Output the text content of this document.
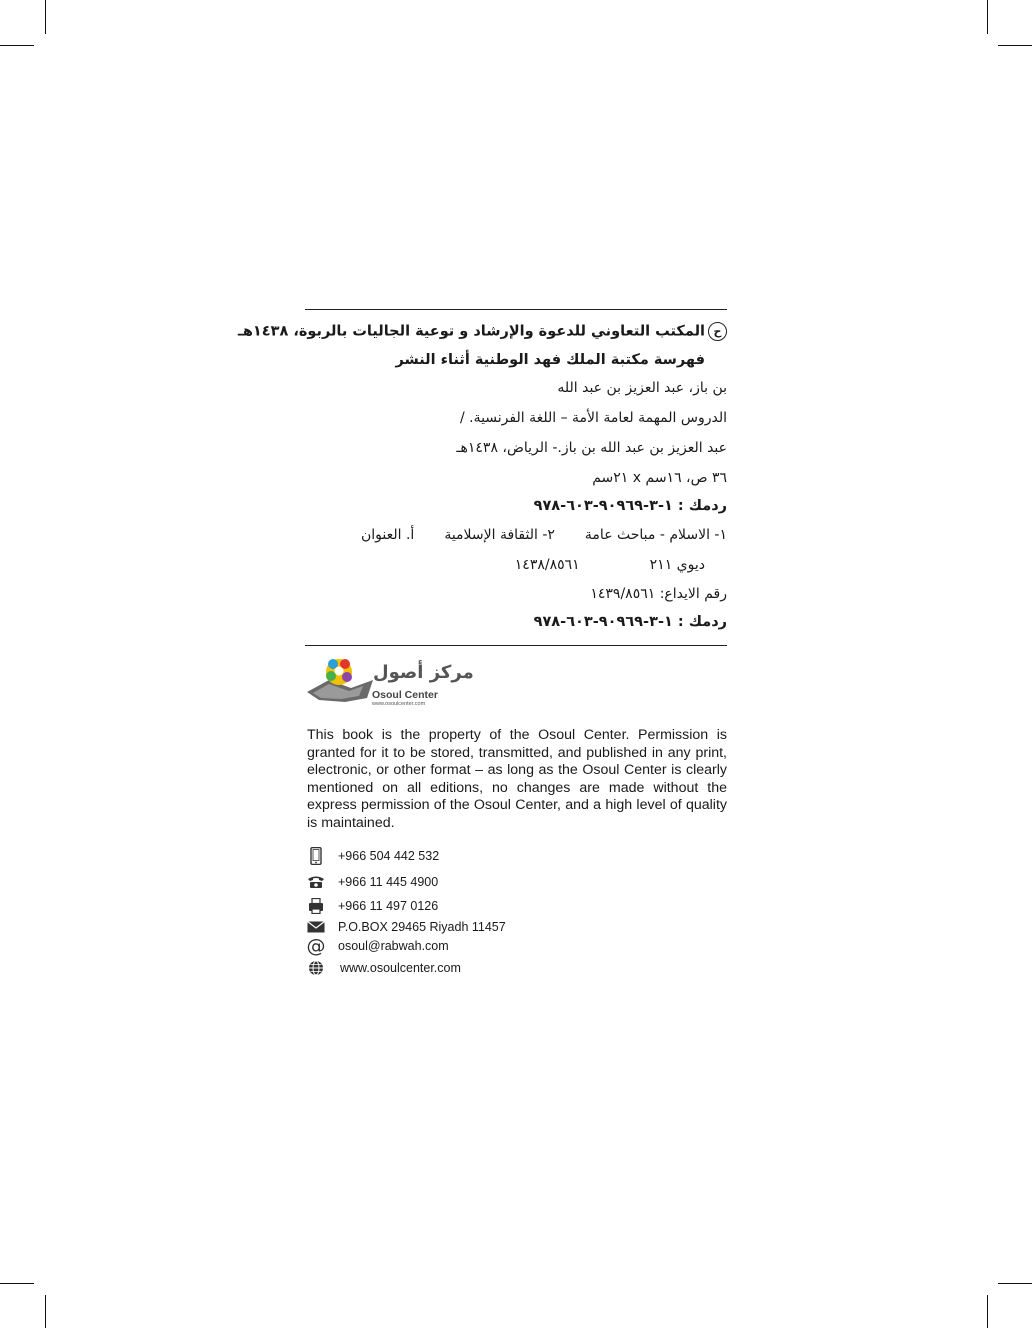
حالمكتب التعاوني للدعوة والإرشاد و توعية الجاليات بالربوة، ١٤٣٨هـ
فهرسة مكتبة الملك فهد الوطنية أثناء النشر
بن باز، عبد العزيز بن عبد الله
الدروس المهمة لعامة الأمة – اللغة الفرنسية. /
عبد العزيز بن عبد الله بن باز.- الرياض، ١٤٣٨هـ
٣٦ ص، ١٦سم x ٢١سم
ردمك : ١-٣-٩٠٩٦٩-٦٠٣-٩٧٨
١- الاسلام - مباحث عامة
٢- الثقافة الإسلامية
أ. العنوان
ديوي ٢١١
١٤٣٨/٨٥٦١
رقم الايداع: ١٤٣٩/٨٥٦١
ردمك : ١-٣-٩٠٩٦٩-٦٠٣-٩٧٨
مركز أصول
Osoul Center
www.osoulcenter.com
This book is the property of the Osoul Center. Permission is granted for it to be stored, transmitted, and published in any print, electronic, or other format – as long as the Osoul Center is clearly mentioned on all editions, no changes are made without the express permission of the Osoul Center, and a high level of quality is maintained.
+966 504 442 532
+966 11 445 4900
+966 11 497 0126
P.O.BOX 29465 Riyadh 11457
@ osoul@rabwah.com
www.osoulcenter.com
